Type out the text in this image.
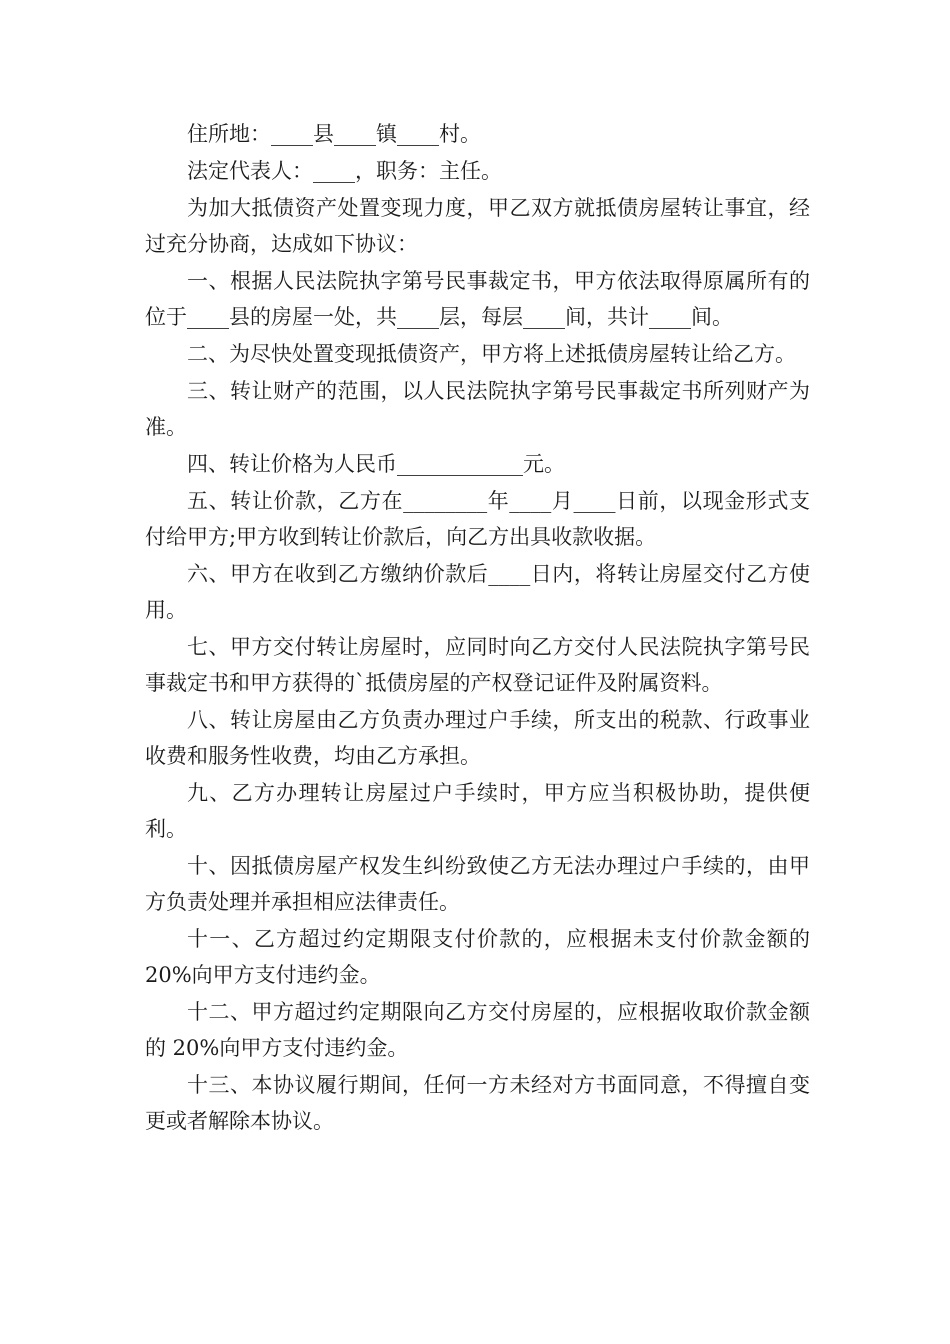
住所地：____县____镇____村。

法定代表人：____，职务：主任。

为加大抵债资产处置变现力度，甲乙双方就抵债房屋转让事宜，经过充分协商，达成如下协议：

一、根据人民法院执字第号民事裁定书，甲方依法取得原属所有的位于____县的房屋一处，共____层，每层____间，共计____间。

二、为尽快处置变现抵债资产，甲方将上述抵债房屋转让给乙方。

三、转让财产的范围，以人民法院执字第号民事裁定书所列财产为准。

四、转让价格为人民币____________元。

五、转让价款，乙方在________年____月____日前，以现金形式支付给甲方;甲方收到转让价款后，向乙方出具收款收据。

六、甲方在收到乙方缴纳价款后____日内，将转让房屋交付乙方使用。

七、甲方交付转让房屋时，应同时向乙方交付人民法院执字第号民事裁定书和甲方获得的`抵债房屋的产权登记证件及附属资料。

八、转让房屋由乙方负责办理过户手续，所支出的税款、行政事业收费和服务性收费，均由乙方承担。

九、乙方办理转让房屋过户手续时，甲方应当积极协助，提供便利。

十、因抵债房屋产权发生纠纷致使乙方无法办理过户手续的，由甲方负责处理并承担相应法律责任。

十一、乙方超过约定期限支付价款的，应根据未支付价款金额的 20%向甲方支付违约金。

十二、甲方超过约定期限向乙方交付房屋的，应根据收取价款金额的 20%向甲方支付违约金。

十三、本协议履行期间，任何一方未经对方书面同意，不得擅自变更或者解除本协议。
